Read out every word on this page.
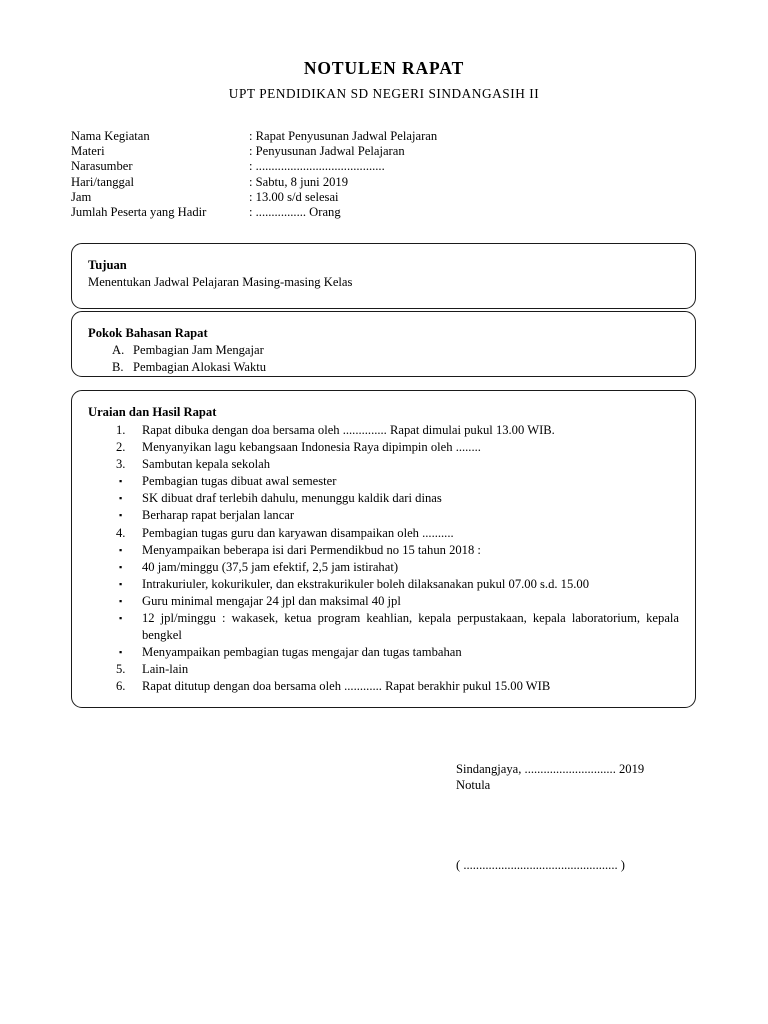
NOTULEN RAPAT
UPT PENDIDIKAN SD NEGERI SINDANGASIH II
Nama Kegiatan	: Rapat Penyusunan Jadwal Pelajaran
Materi	: Penyusunan Jadwal Pelajaran
Narasumber	: .........................................
Hari/tanggal	: Sabtu, 8 juni 2019
Jam	: 13.00 s/d selesai
Jumlah Peserta yang Hadir	: ................ Orang
Tujuan
Menentukan Jadwal Pelajaran Masing-masing Kelas
Pokok Bahasan Rapat
A. Pembagian Jam Mengajar
B. Pembagian Alokasi Waktu
Uraian dan Hasil Rapat
1.	Rapat dibuka dengan doa bersama oleh .............. Rapat dimulai pukul 13.00 WIB.
2.	Menyanyikan lagu kebangsaan Indonesia Raya dipimpin oleh ........
3.	Sambutan kepala sekolah
▪	Pembagian tugas dibuat awal semester
▪	SK dibuat draf terlebih dahulu, menunggu kaldik dari dinas
▪	Berharap rapat berjalan lancar
4.	Pembagian tugas guru dan karyawan disampaikan oleh ..........
▪	Menyampaikan beberapa isi dari Permendikbud no 15 tahun 2018 :
▪	40 jam/minggu (37,5 jam efektif, 2,5 jam istirahat)
▪	Intrakuriuler, kokurikuler, dan ekstrakurikuler boleh dilaksanakan pukul 07.00 s.d. 15.00
▪	Guru minimal mengajar 24 jpl dan maksimal 40 jpl
▪	12 jpl/minggu : wakasek, ketua program keahlian, kepala perpustakaan, kepala laboratorium, kepala bengkel
▪	Menyampaikan pembagian tugas mengajar dan tugas tambahan
5.	Lain-lain
6.	Rapat ditutup dengan doa bersama oleh ............ Rapat berakhir pukul 15.00 WIB
Sindangjaya, ............................. 2019
Notula
( ................................................. )
